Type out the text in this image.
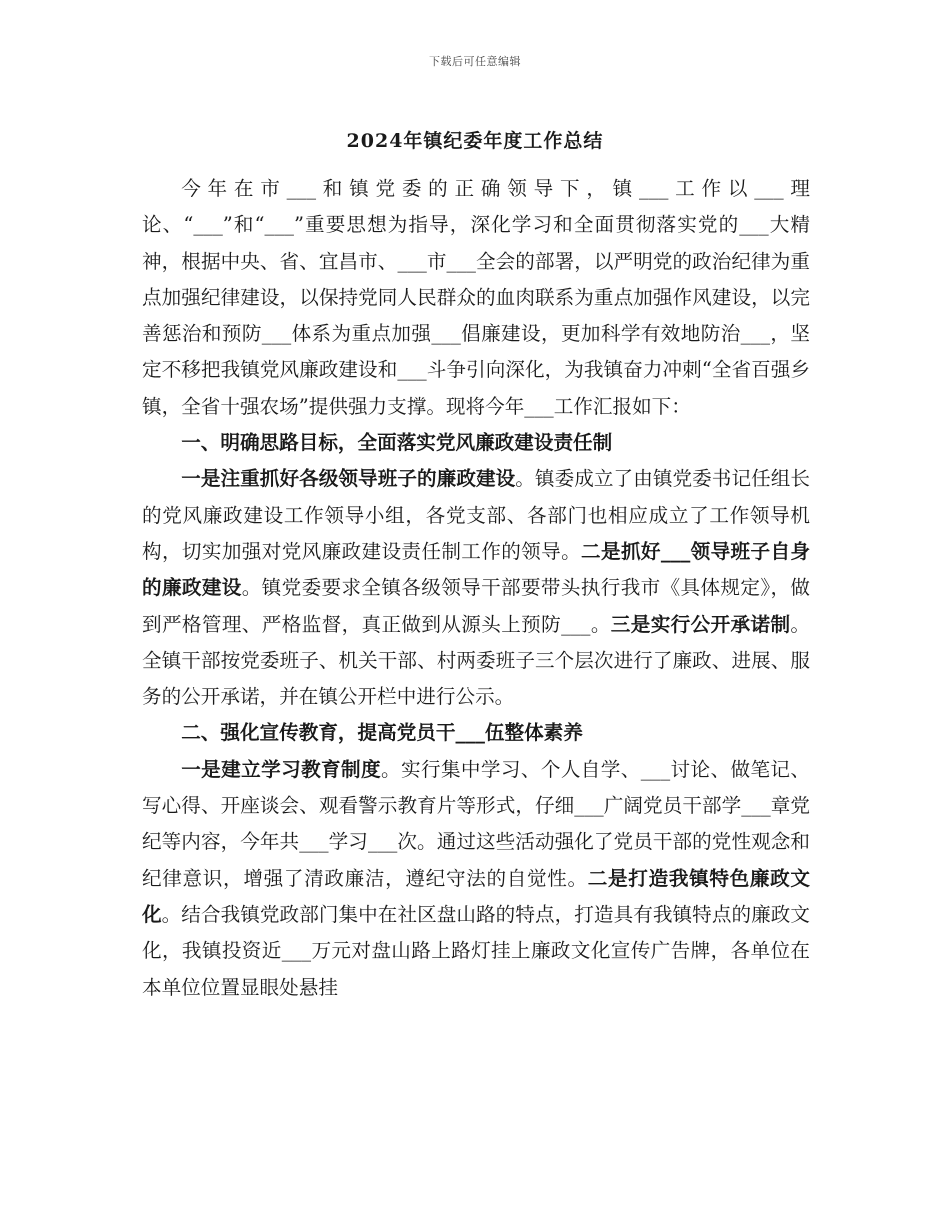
下载后可任意编辑
2024年镇纪委年度工作总结

今年在市___和镇党委的正确领导下，镇___工作以___理论、“___”和“___”重要思想为指导，深化学习和全面贯彻落实党的___大精神，根据中央、省、宜昌市、___市___全会的部署，以严明党的政治纪律为重点加强纪律建设，以保持党同人民群众的血肉联系为重点加强作风建设，以完善惩治和预防___体系为重点加强___倡廉建设，更加科学有效地防治___，坚定不移把我镇党风廉政建设和___斗争引向深化，为我镇奋力冲刺“全省百强乡镇，全省十强农场”提供强力支撑。现将今年___工作汇报如下：

一、明确思路目标，全面落实党风廉政建设责任制

一是注重抓好各级领导班子的廉政建设。镇委成立了由镇党委书记任组长的党风廉政建设工作领导小组，各党支部、各部门也相应成立了工作领导机构，切实加强对党风廉政建设责任制工作的领导。二是抓好___领导班子自身的廉政建设。镇党委要求全镇各级领导干部要带头执行我市《具体规定》，做到严格管理、严格监督，真正做到从源头上预防___。三是实行公开承诺制。全镇干部按党委班子、机关干部、村两委班子三个层次进行了廉政、进展、服务的公开承诺，并在镇公开栏中进行公示。

二、强化宣传教育，提高党员干___伍整体素养

一是建立学习教育制度。实行集中学习、个人自学、___讨论、做笔记、写心得、开座谈会、观看警示教育片等形式，仔细___广阔党员干部学___章党纪等内容，今年共___学习___次。通过这些活动强化了党员干部的党性观念和纪律意识，增强了清政廉洁，遵纪守法的自觉性。二是打造我镇特色廉政文化。结合我镇党政部门集中在社区盘山路的特点，打造具有我镇特点的廉政文化，我镇投资近___万元对盘山路上路灯挂上廉政文化宣传广告牌，各单位在本单位位置显眼处悬挂
